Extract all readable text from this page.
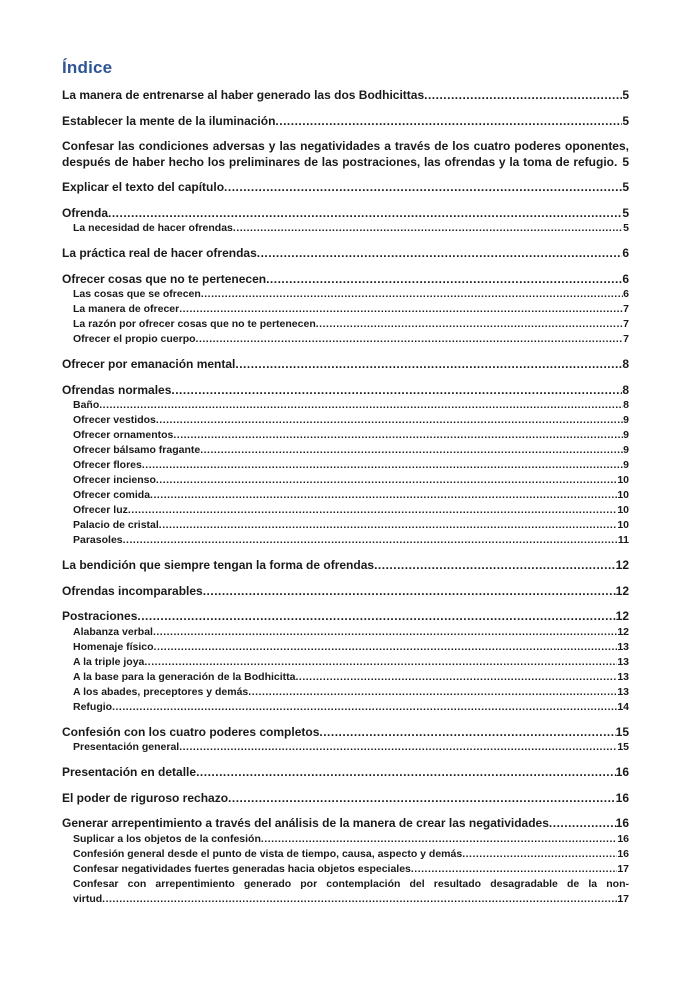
Índice
La manera de entrenarse al haber generado las dos Bodhicittas .....	5
Establecer la mente de la iluminación .....	5
Confesar las condiciones adversas y las negatividades a través de los cuatro poderes oponentes,
después de haber hecho los preliminares de las postraciones, las ofrendas y la toma de refugio. 5
Explicar el texto del capítulo .....	5
Ofrenda .....	5
La necesidad de hacer ofrendas .....	5
La práctica real de hacer ofrendas .....	6
Ofrecer cosas que no te pertenecen .....	6
Las cosas que se ofrecen .....	6
La manera de ofrecer .....	7
La razón por ofrecer cosas que no te pertenecen .....	7
Ofrecer el propio cuerpo .....	7
Ofrecer por emanación mental .....	8
Ofrendas normales .....	8
Baño .....	8
Ofrecer vestidos .....	9
Ofrecer ornamentos .....	9
Ofrecer bálsamo fragante .....	9
Ofrecer flores .....	9
Ofrecer incienso .....	10
Ofrecer comida .....	10
Ofrecer luz .....	10
Palacio de cristal .....	10
Parasoles .....	11
La bendición que siempre tengan la forma de ofrendas .....	12
Ofrendas incomparables .....	12
Postraciones .....	12
Alabanza verbal .....	12
Homenaje físico .....	13
A la triple joya .....	13
A la base para la generación de la Bodhicitta .....	13
A los abades, preceptores y demás .....	13
Refugio .....	14
Confesión con los cuatro poderes completos .....	15
Presentación general .....	15
Presentación en detalle .....	16
El poder de riguroso rechazo .....	16
Generar arrepentimiento a través del análisis de la manera de crear las negatividades .....	16
Suplicar a los objetos de la confesión .....	16
Confesión general desde el punto de vista de tiempo, causa, aspecto y demás .....	16
Confesar negatividades fuertes generadas hacia objetos especiales .....	17
Confesar con arrepentimiento generado por contemplación del resultado desagradable de la non-
virtud .....	17
